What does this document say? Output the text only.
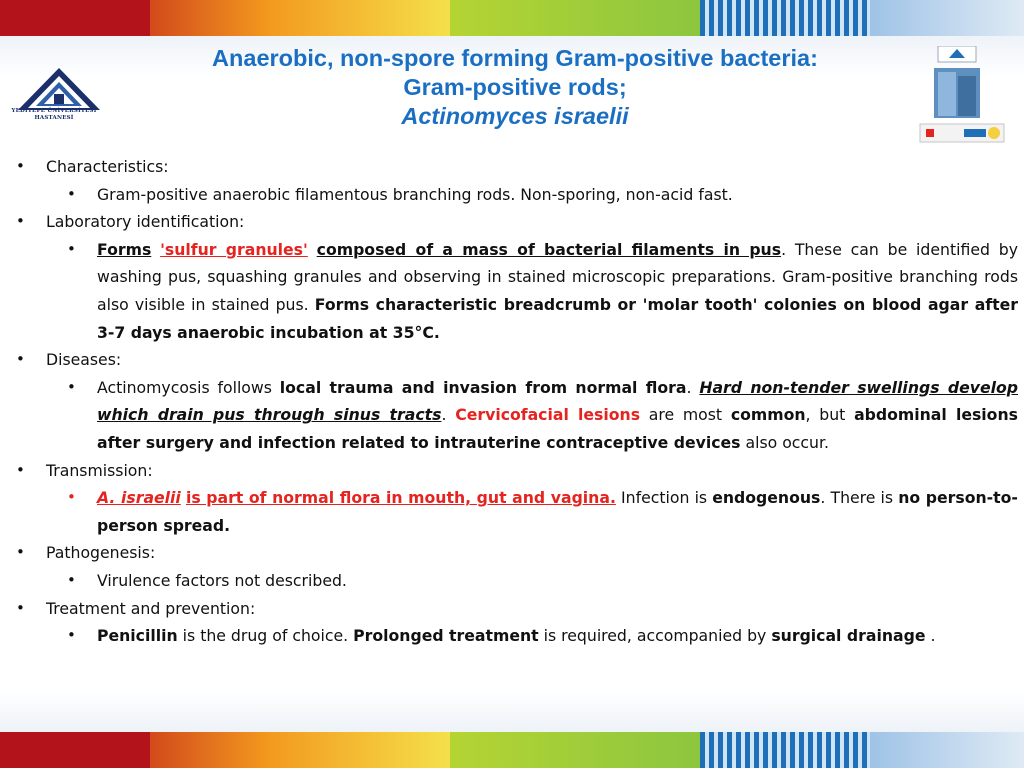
YEDITEPE ÜNİVERSİTESİ HASTANESİ
Anaerobic, non-spore forming Gram-positive bacteria:
Gram-positive rods;
Actinomyces israelii
• Characteristics:
• Gram-positive anaerobic filamentous branching rods. Non-sporing, non-acid fast.
• Laboratory identification:
• Forms 'sulfur granules' composed of a mass of bacterial filaments in pus. These can be identified by washing pus, squashing granules and observing in stained microscopic preparations. Gram-positive branching rods also visible in stained pus. Forms characteristic breadcrumb or 'molar tooth' colonies on blood agar after 3-7 days anaerobic incubation at 35°C.
• Diseases:
• Actinomycosis follows local trauma and invasion from normal flora. Hard non-tender swellings develop which drain pus through sinus tracts. Cervicofacial lesions are most common, but abdominal lesions after surgery and infection related to intrauterine contraceptive devices also occur.
• Transmission:
• A. israelii is part of normal flora in mouth, gut and vagina. Infection is endogenous. There is no person-to-person spread.
• Pathogenesis:
• Virulence factors not described.
• Treatment and prevention:
• Penicillin is the drug of choice. Prolonged treatment is required, accompanied by surgical drainage .
